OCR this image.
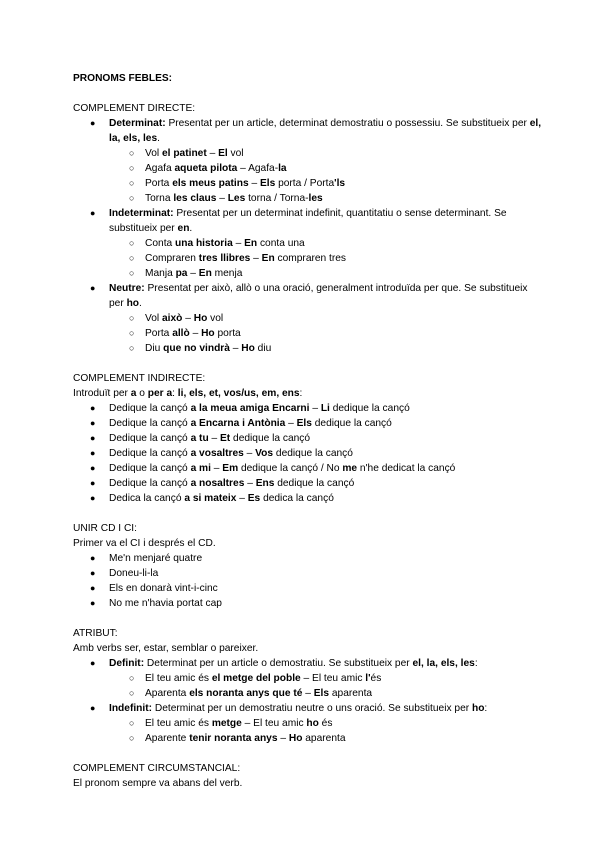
PRONOMS FEBLES:

COMPLEMENT DIRECTE:

● Determinat: Presentat per un article, determinat demostratiu o possessiu. Se substitueix per el, la, els, les.
○ Vol el patinet – El vol
○ Agafa aqueta pilota – Agafa-la
○ Porta els meus patins – Els porta / Porta'ls
○ Torna les claus – Les torna / Torna-les
● Indeterminat: Presentat per un determinat indefinit, quantitatiu o sense determinant. Se substitueix per en.
○ Conta una historia – En conta una
○ Compraren tres llibres – En compraren tres
○ Manja pa – En menja
● Neutre: Presentat per això, allò o una oració, generalment introduïda per que. Se substitueix per ho.
○ Vol això – Ho vol
○ Porta allò – Ho porta
○ Diu que no vindrà – Ho diu

COMPLEMENT INDIRECTE:

Introduït per a o per a: li, els, et, vos/us, em, ens:

● Dedique la cançó a la meua amiga Encarni – Li dedique la cançó
● Dedique la cançó a Encarna i Antònia – Els dedique la cançó
● Dedique la cançó a tu – Et dedique la cançó
● Dedique la cançó a vosaltres – Vos dedique la cançó
● Dedique la cançó a mi – Em dedique la cançó / No me n'he dedicat la cançó
● Dedique la cançó a nosaltres – Ens dedique la cançó
● Dedica la cançó a si mateix – Es dedica la cançó

UNIR CD I CI:

Primer va el CI i després el CD.

● Me'n menjaré quatre
● Doneu-li-la
● Els en donarà vint-i-cinc
● No me n'havia portat cap

ATRIBUT:

Amb verbs ser, estar, semblar o pareixer.

● Definit: Determinat per un article o demostratiu. Se substitueix per el, la, els, les:
○ El teu amic és el metge del poble – El teu amic l'és
○ Aparenta els noranta anys que té – Els aparenta
● Indefinit: Determinat per un demostratiu neutre o uns oració. Se substitueix per ho:
○ El teu amic és metge – El teu amic ho és
○ Aparente tenir noranta anys – Ho aparenta

COMPLEMENT CIRCUMSTANCIAL:

El pronom sempre va abans del verb.
